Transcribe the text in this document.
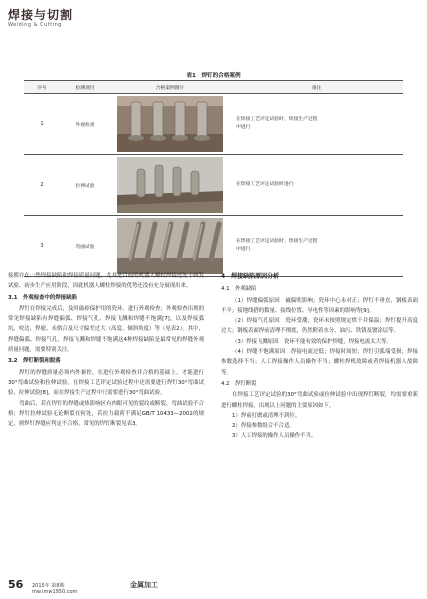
焊接与切割
Welding & Cutting
表1　焊钉的合格案例
序号	检测项目	合格案例图片	备注
1	外观检查		在焊接工艺评定试验时、焊接生产过程
中进行

2	拉伸试验		在焊接工艺评定试验时进行

3	弯曲试验		在焊接工艺评定试验时、焊接生产过程
中进行

接都存在一些焊接缺陷和焊接质量问题，尤其是目前的机器人螺柱焊接还处于研发试验、初步生产应用阶段，因此机器人螺柱焊接的优势还没有充分展现出来。

3.1　外观检查中的焊接缺陷

焊钉在焊接完成后，及时敲掉保护用的瓷环，进行外观检查；外观检查出现的常见焊接缺陷有焊缝偏弧、焊接气孔、焊接飞溅和焊缝不饱满[7]，以及焊接弧坑、咬边、焊瘤、未熔合及尺寸偏差过大（高度、倾斜角度）等（见表2）。其中，焊缝偏弧、焊接气孔、焊接飞溅和焊缝不饱满这4种焊接缺陷是最常见的焊缝外观质量问题，需要特别关注。

3.2　焊钉断裂和脱落

焊钉的焊缝质量必须内外兼控，在进行外观检查并合格的基础上，才能进行30°弯曲试验和拉伸试验。在焊接工艺评定试验过程中还需要进行焊钉30°弯曲试验、拉伸试验[8]，而在焊接生产过程中只需要进行30°弯曲试验。

弯曲后，若在焊钉的焊缝或热影响区有肉眼可见的裂纹或断裂，弯曲试验不合格；焊钉拉伸试验无论断裂在何处，若拉力载荷不满足GB/T 10433—2002的规定，则焊钉焊缝应判定不合格。常见的焊钉断裂见表3。

4　焊接缺陷原因分析
4.1　外观缺陷

（1）焊缝偏弧原因　磁偏吹影响；瓷环中心未对正；焊钉不垂直，钢板表面不平；接地线搭的数量、接线位置、导电性等因素的影响等[9]。

（2）焊接气孔原因　瓷环受潮；瓷环未按照规定烘干并保温；焊钉提升高度过大；钢板表面焊前清理不彻底，仍然附着水分、油污、铁锈及镀涂层等。

（3）焊接飞溅原因　瓷环不能有效的保护焊缝，焊接电流太大等。

（4）焊缝不饱满原因　焊接电流过低；焊接时间短；焊钉引弧端受损；焊接参数选择不当；人工焊接操作人员操作不当；螺柱焊机故障或者焊接机器人故障等。

4.2　焊钉断裂

在焊接工艺评定试验的30°弯曲试验或拉伸试验中出现焊钉断裂，均需要重新进行螺柱焊接，出现以上问题的主要原因如下。

1）焊前打磨或清理不到位。

2）焊接参数组合不合适。

3）人工焊接的操作人员操作不当。

56 2015年 第8期
mw.imw1950.com
金属加工
